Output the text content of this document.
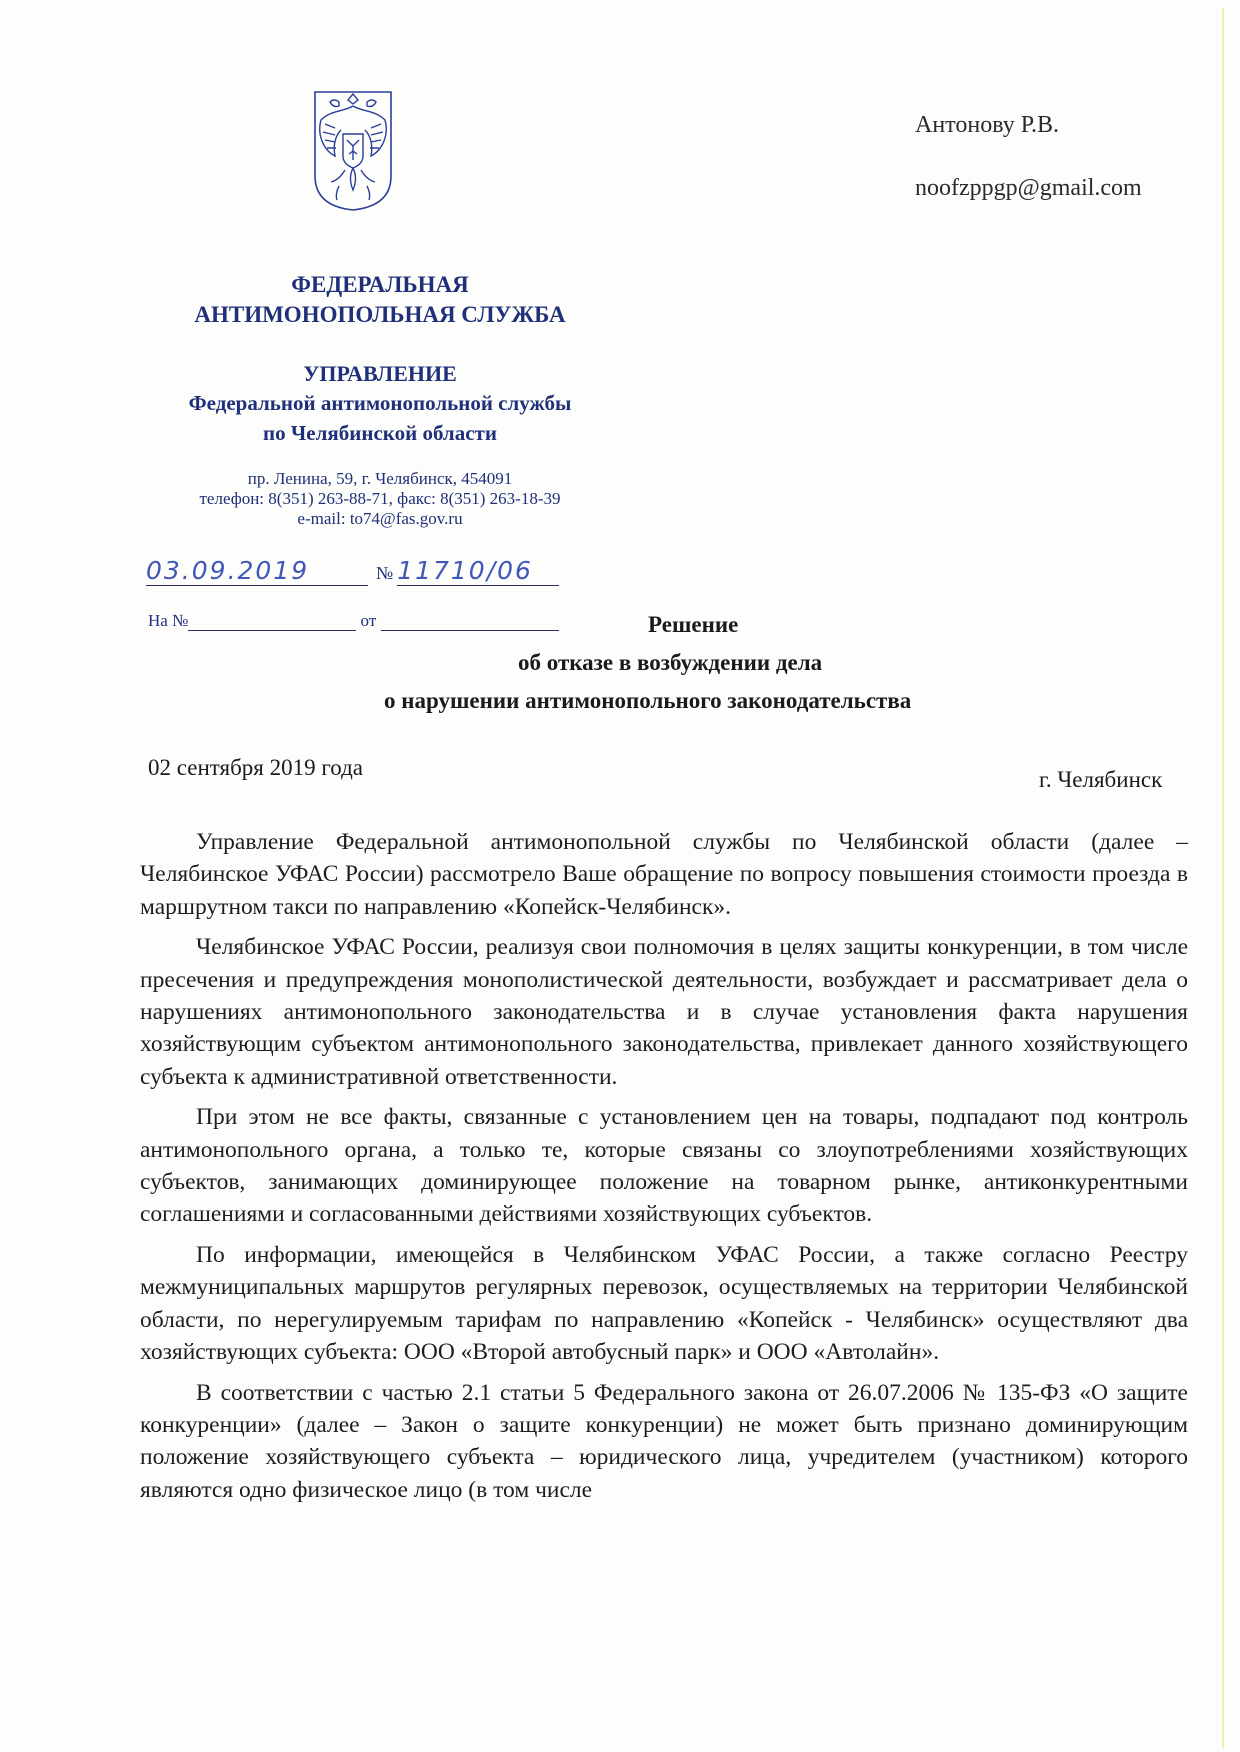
Антонову Р.В.
noofzppgp@gmail.com
ФЕДЕРАЛЬНАЯ
АНТИМОНОПОЛЬНАЯ СЛУЖБА
УПРАВЛЕНИЕ
Федеральной антимонопольной службы
по Челябинской области
пр. Ленина, 59, г. Челябинск, 454091
телефон: 8(351) 263-88-71, факс: 8(351) 263-18-39
e-mail: to74@fas.gov.ru
03.09.2019	№ 11710/06
На №	от	Решение
об отказе в возбуждении дела
о нарушении антимонопольного законодательства
02 сентября 2019 года	г. Челябинск

Управление Федеральной антимонопольной службы по Челябинской области (далее – Челябинское УФАС России) рассмотрело Ваше обращение по вопросу повышения стоимости проезда в маршрутном такси по направлению «Копейск-Челябинск».

Челябинское УФАС России, реализуя свои полномочия в целях защиты конкуренции, в том числе пресечения и предупреждения монополистической деятельности, возбуждает и рассматривает дела о нарушениях антимонопольного законодательства и в случае установления факта нарушения хозяйствующим субъектом антимонопольного законодательства, привлекает данного хозяйствующего субъекта к административной ответственности.

При этом не все факты, связанные с установлением цен на товары, подпадают под контроль антимонопольного органа, а только те, которые связаны со злоупотреблениями хозяйствующих субъектов, занимающих доминирующее положение на товарном рынке, антиконкурентными соглашениями и согласованными действиями хозяйствующих субъектов.

По информации, имеющейся в Челябинском УФАС России, а также согласно Реестру межмуниципальных маршрутов регулярных перевозок, осуществляемых на территории Челябинской области, по нерегулируемым тарифам по направлению «Копейск - Челябинск» осуществляют два хозяйствующих субъекта: ООО «Второй автобусный парк» и ООО «Автолайн».

В соответствии с частью 2.1 статьи 5 Федерального закона от 26.07.2006 № 135-ФЗ «О защите конкуренции» (далее – Закон о защите конкуренции) не может быть признано доминирующим положение хозяйствующего субъекта – юридического лица, учредителем (участником) которого являются одно физическое лицо (в том числе
